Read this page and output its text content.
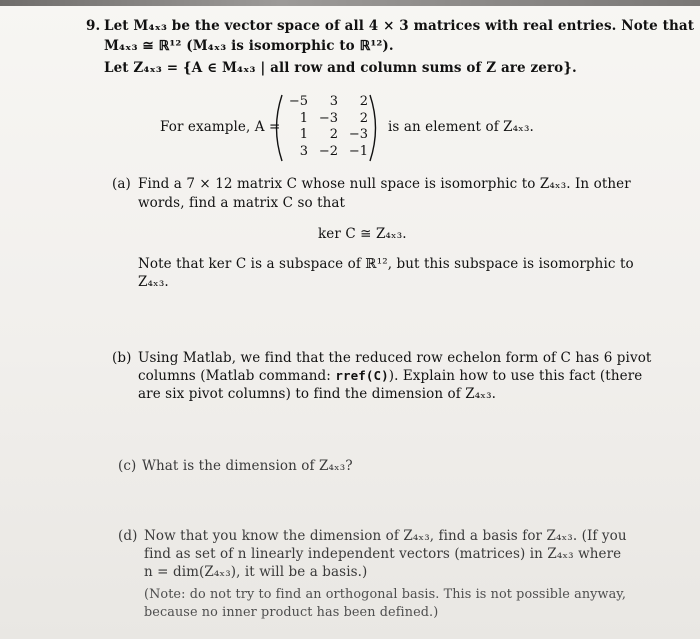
9. Let M₄ₓ₃ be the vector space of all 4 × 3 matrices with real entries. Note that
M₄ₓ₃ ≅ ℝ¹² (M₄ₓ₃ is isomorphic to ℝ¹²).
Let Z₄ₓ₃ = {A ∈ M₄ₓ₃ | all row and column sums of Z are zero}.
For example, A =
−5	3	2
1 −3	2
1	2 −3
3 −2 −1
is an element of Z₄ₓ₃.
(a) Find a 7 × 12 matrix C whose null space is isomorphic to Z₄ₓ₃. In other
words, find a matrix C so that
ker C ≅ Z₄ₓ₃.
Note that ker C is a subspace of ℝ¹², but this subspace is isomorphic to
Z₄ₓ₃.
(b) Using Matlab, we find that the reduced row echelon form of C has 6 pivot
columns (Matlab command: rref(C)). Explain how to use this fact (there
are six pivot columns) to find the dimension of Z₄ₓ₃.
(c) What is the dimension of Z₄ₓ₃?
(d) Now that you know the dimension of Z₄ₓ₃, find a basis for Z₄ₓ₃. (If you
find as set of n linearly independent vectors (matrices) in Z₄ₓ₃ where
n = dim(Z₄ₓ₃), it will be a basis.)
(Note: do not try to find an orthogonal basis. This is not possible anyway,
because no inner product has been defined.)
